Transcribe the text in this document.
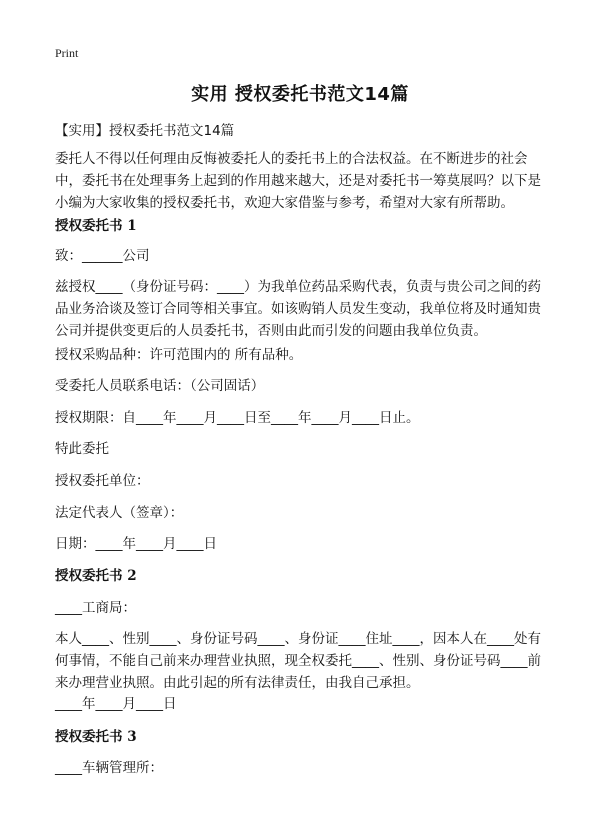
Print
实用 授权委托书范文14篇
【实用】授权委托书范文14篇
委托人不得以任何理由反悔被委托人的委托书上的合法权益。在不断进步的社会中，委托书在处理事务上起到的作用越来越大，还是对委托书一筹莫展吗？以下是小编为大家收集的授权委托书，欢迎大家借鉴与参考，希望对大家有所帮助。
授权委托书 1
致：______公司
兹授权____（身份证号码：____）为我单位药品采购代表，负责与贵公司之间的药品业务洽谈及签订合同等相关事宜。如该购销人员发生变动，我单位将及时通知贵公司并提供变更后的人员委托书，否则由此而引发的问题由我单位负责。
授权采购品种：许可范围内的 所有品种。
受委托人员联系电话：（公司固话）
授权期限：自____年____月____日至____年____月____日止。
特此委托
授权委托单位：
法定代表人（签章）：
日期：____年____月____日
授权委托书 2
____工商局：
本人____、性别____、身份证号码____、身份证____住址____，因本人在____处有何事情，不能自己前来办理营业执照，现全权委托____、性别、身份证号码____前来办理营业执照。由此引起的所有法律责任，由我自己承担。
____年____月____日
授权委托书 3
____车辆管理所：
